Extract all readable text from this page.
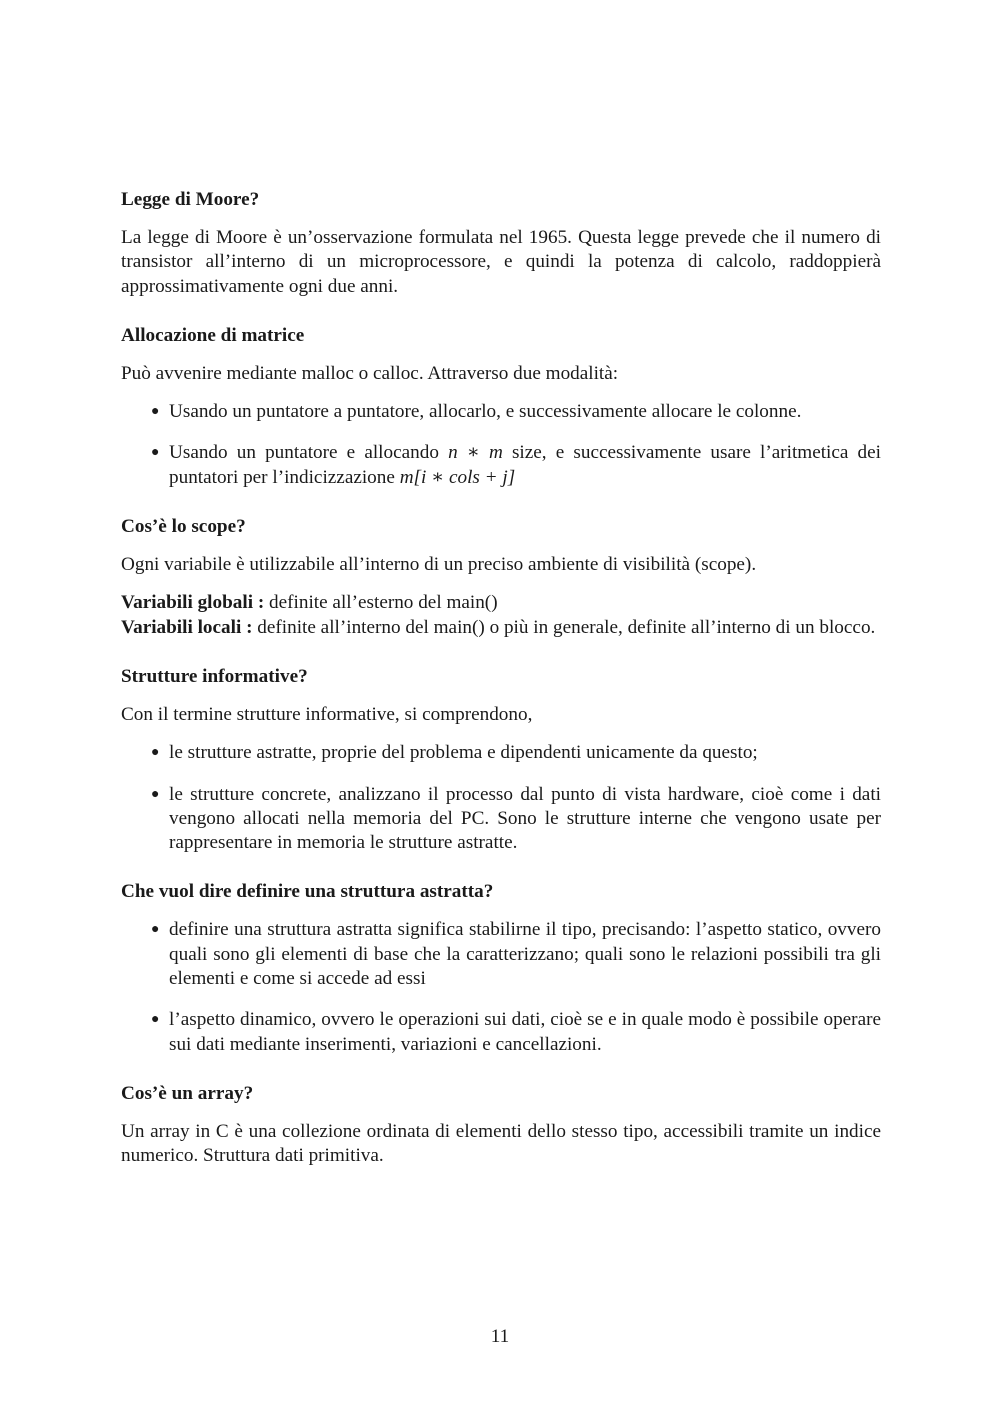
Legge di Moore?

La legge di Moore è un’osservazione formulata nel 1965. Questa legge prevede che il numero di transistor all’interno di un microprocessore, e quindi la potenza di calcolo, raddoppierà approssimativamente ogni due anni.

Allocazione di matrice

Può avvenire mediante malloc o calloc. Attraverso due modalità:

● Usando un puntatore a puntatore, allocarlo, e successivamente allocare le colonne.
● Usando un puntatore e allocando n ∗ m size, e successivamente usare l’aritmetica dei puntatori per l’indicizzazione m[i ∗ cols + j]
Cos’è lo scope?

Ogni variabile è utilizzabile all’interno di un preciso ambiente di visibilità (scope).

Variabili globali : definite all’esterno del main()

Variabili locali : definite all’interno del main() o più in generale, definite all’interno di un blocco.

Strutture informative?

Con il termine strutture informative, si comprendono,

● le strutture astratte, proprie del problema e dipendenti unicamente da questo;
● le strutture concrete, analizzano il processo dal punto di vista hardware, cioè come i dati vengono allocati nella memoria del PC. Sono le strutture interne che vengono usate per rappresentare in memoria le strutture astratte.
Che vuol dire definire una struttura astratta?
● definire una struttura astratta significa stabilirne il tipo, precisando: l’aspetto statico, ovvero quali sono gli elementi di base che la caratterizzano; quali sono le relazioni possibili tra gli elementi e come si accede ad essi
● l’aspetto dinamico, ovvero le operazioni sui dati, cioè se e in quale modo è possibile operare sui dati mediante inserimenti, variazioni e cancellazioni.
Cos’è un array?

Un array in C è una collezione ordinata di elementi dello stesso tipo, accessibili tramite un indice numerico. Struttura dati primitiva.

11
